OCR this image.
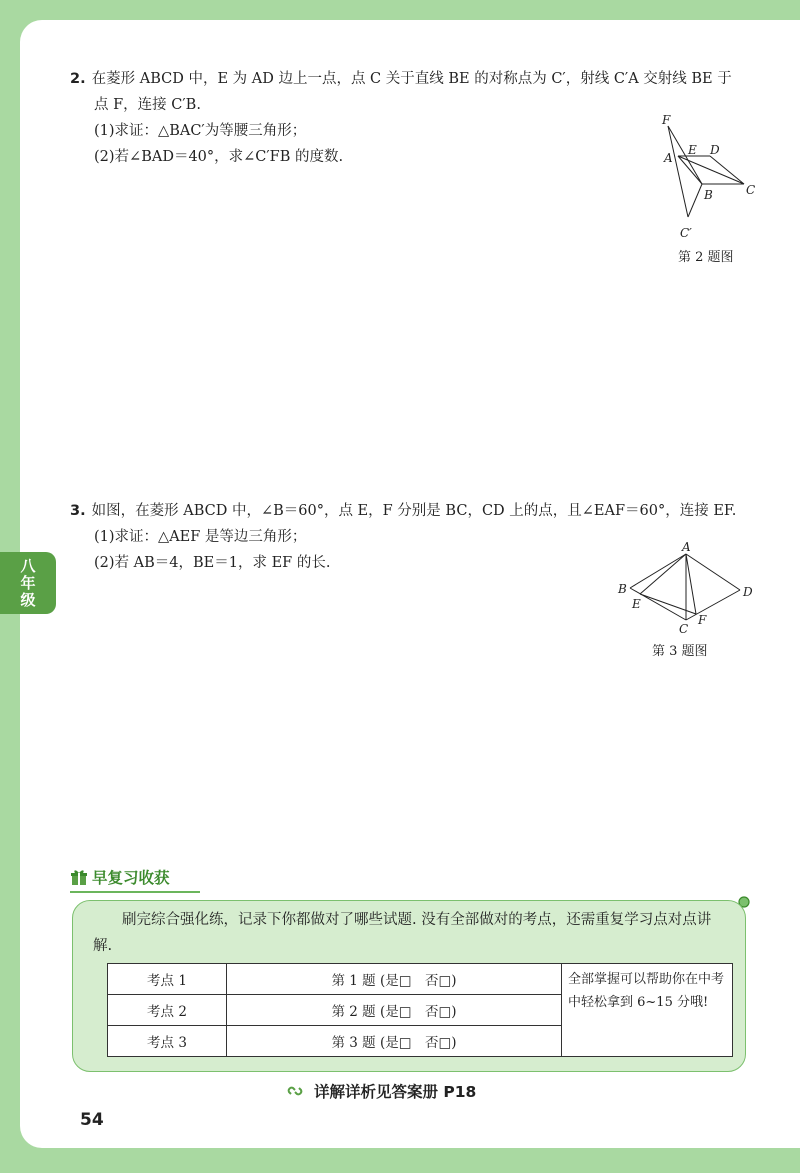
八
年
级
2. 在菱形 ABCD 中，E 为 AD 边上一点，点 C 关于直线 BE 的对称点为 C′，射线 C′A 交射线 BE 于
点 F，连接 C′B.
(1)求证：△BAC′为等腰三角形；
(2)若∠BAD＝40°，求∠C′FB 的度数.
F
A
E D
B	C
C′
第 2 题图
3. 如图，在菱形 ABCD 中，∠B＝60°，点 E，F 分别是 BC，CD 上的点，且∠EAF＝60°，连接 EF.
(1)求证：△AEF 是等边三角形；
(2)若 AB＝4，BE＝1，求 EF 的长.
A
B
E
D
C
F
第 3 题图
早复习收获
刷完综合强化练，记录下你都做对了哪些试题. 没有全部做对的考点，还需重复学习点对点讲解.
考点 1	第 1 题 (是□　否□)	全部掌握可以帮助你在中考中轻松拿到 6~15 分哦!
考点 2	第 2 题 (是□　否□)	
考点 3	第 3 题 (是□　否□)	
详解详析见答案册 P18
54
